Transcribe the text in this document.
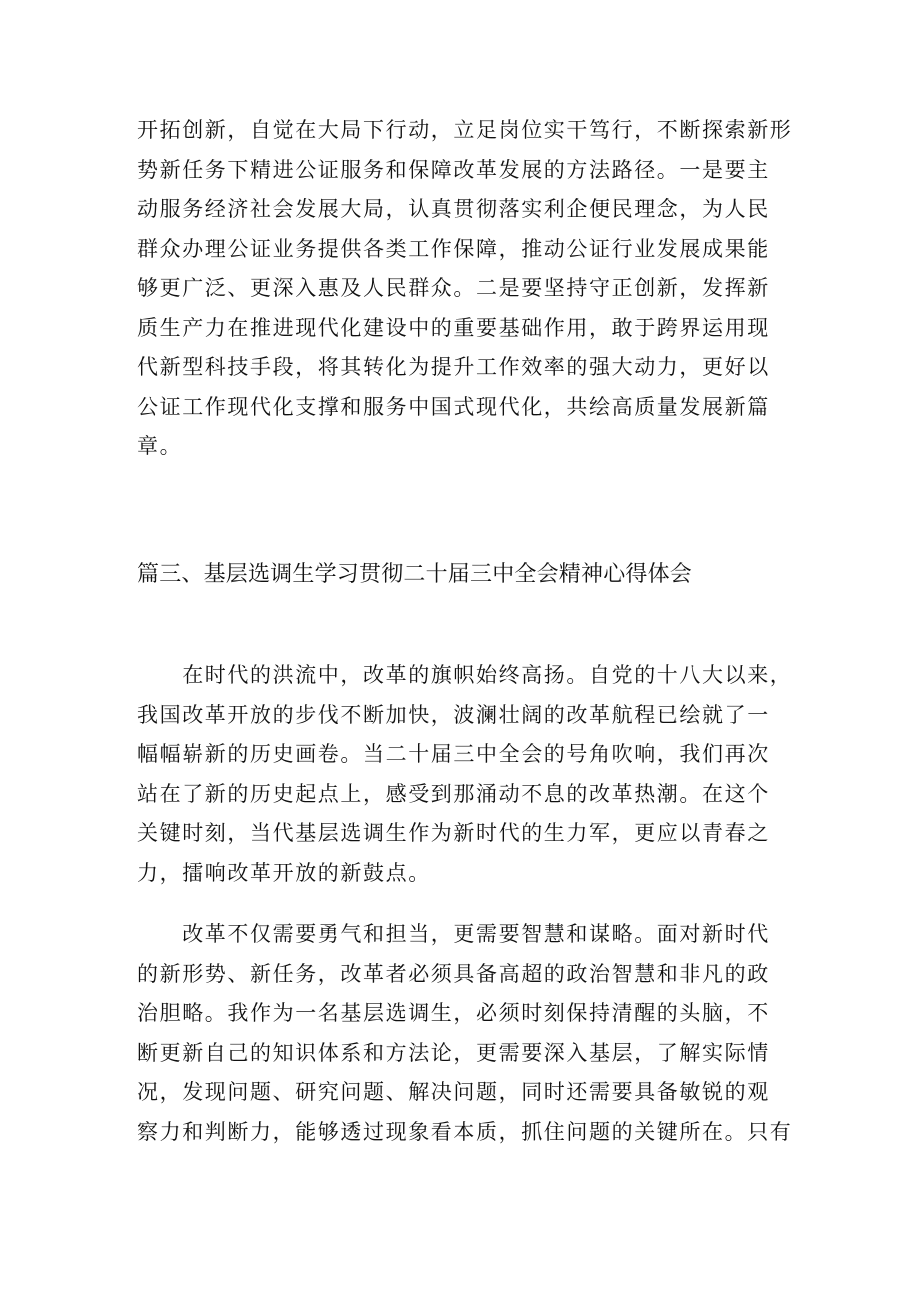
开拓创新，自觉在大局下行动，立足岗位实干笃行，不断探索新形
势新任务下精进公证服务和保障改革发展的方法路径。一是要主
动服务经济社会发展大局，认真贯彻落实利企便民理念，为人民
群众办理公证业务提供各类工作保障，推动公证行业发展成果能
够更广泛、更深入惠及人民群众。二是要坚持守正创新，发挥新
质生产力在推进现代化建设中的重要基础作用，敢于跨界运用现
代新型科技手段，将其转化为提升工作效率的强大动力，更好以
公证工作现代化支撑和服务中国式现代化，共绘高质量发展新篇
章。
篇三、基层选调生学习贯彻二十届三中全会精神心得体会
　　在时代的洪流中，改革的旗帜始终高扬。自党的十八大以来，
我国改革开放的步伐不断加快，波澜壮阔的改革航程已绘就了一
幅幅崭新的历史画卷。当二十届三中全会的号角吹响，我们再次
站在了新的历史起点上，感受到那涌动不息的改革热潮。在这个
关键时刻，当代基层选调生作为新时代的生力军，更应以青春之
力，擂响改革开放的新鼓点。
　　改革不仅需要勇气和担当，更需要智慧和谋略。面对新时代
的新形势、新任务，改革者必须具备高超的政治智慧和非凡的政
治胆略。我作为一名基层选调生，必须时刻保持清醒的头脑，不
断更新自己的知识体系和方法论，更需要深入基层，了解实际情
况，发现问题、研究问题、解决问题，同时还需要具备敏锐的观
察力和判断力，能够透过现象看本质，抓住问题的关键所在。只有
